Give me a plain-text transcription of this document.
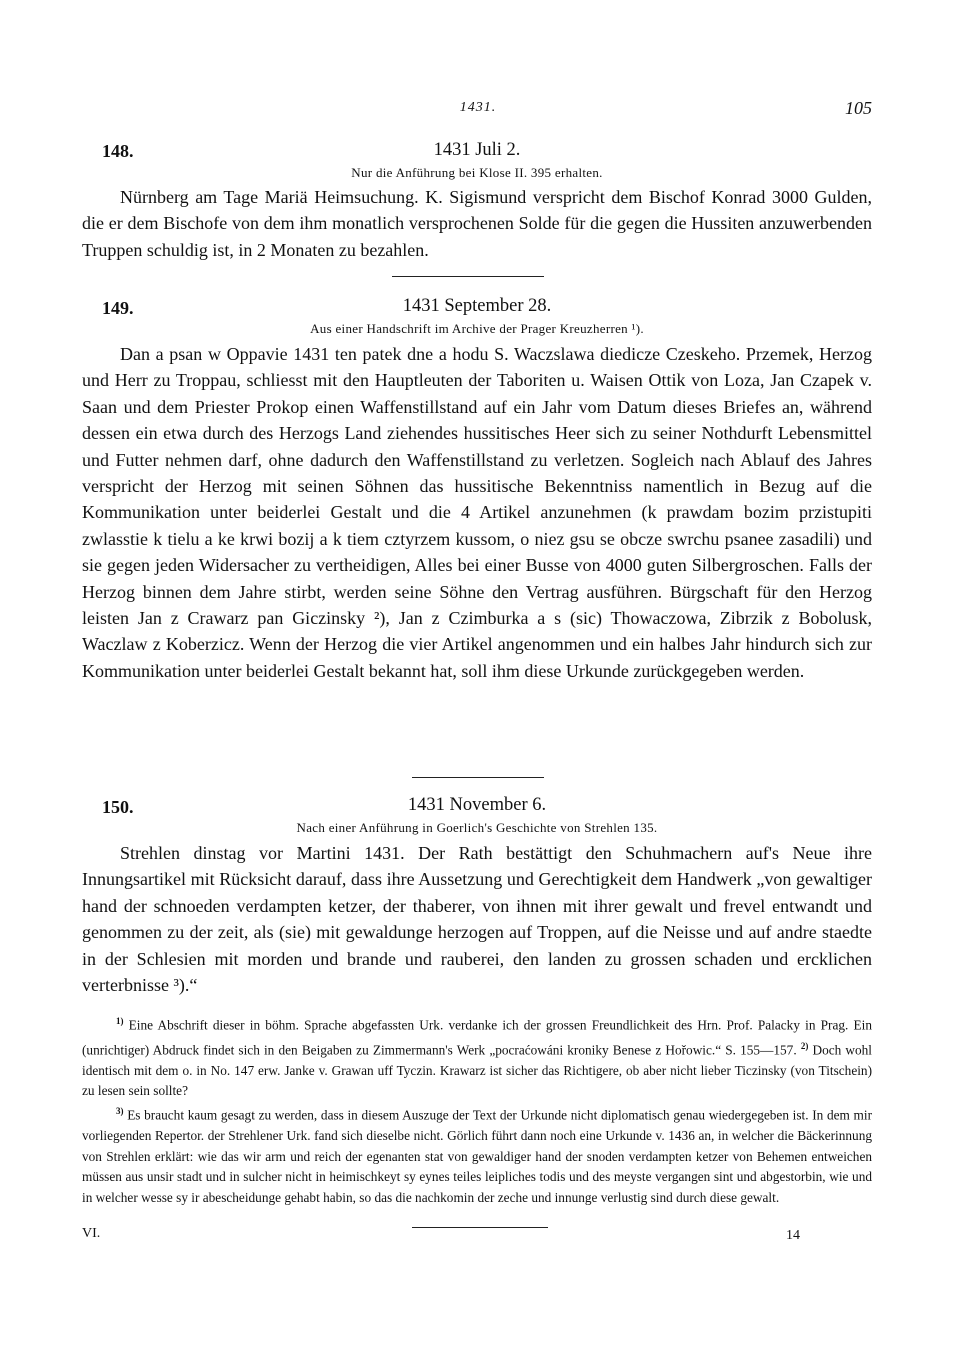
1431.	105
148.	1431 Juli 2.
Nur die Anführung bei Klose II. 395 erhalten.

Nürnberg am Tage Mariä Heimsuchung. K. Sigismund verspricht dem Bischof Konrad 3000 Gulden, die er dem Bischofe von dem ihm monatlich versprochenen Solde für die gegen die Hussiten anzuwerbenden Truppen schuldig ist, in 2 Monaten zu bezahlen.

149.	1431 September 28.
Aus einer Handschrift im Archive der Prager Kreuzherren ¹).

Dan a psan w Oppavie 1431 ten patek dne a hodu S. Waczslawa diedicze Czeskeho. Przemek, Herzog und Herr zu Troppau, schliesst mit den Hauptleuten der Taboriten u. Waisen Ottik von Loza, Jan Czapek v. Saan und dem Priester Prokop einen Waffenstillstand auf ein Jahr vom Datum dieses Briefes an, während dessen ein etwa durch des Herzogs Land ziehendes hussitisches Heer sich zu seiner Nothdurft Lebensmittel und Futter nehmen darf, ohne dadurch den Waffenstillstand zu verletzen. Sogleich nach Ablauf des Jahres verspricht der Herzog mit seinen Söhnen das hussitische Bekenntniss namentlich in Bezug auf die Kommunikation unter beiderlei Gestalt und die 4 Artikel anzunehmen (k prawdam bozim przistupiti zwlasstie k tielu a ke krwi bozij a k tiem cztyrzem kussom, o niez gsu se obcze swrchu psanee zasadili) und sie gegen jeden Widersacher zu vertheidigen, Alles bei einer Busse von 4000 guten Silbergroschen. Falls der Herzog binnen dem Jahre stirbt, werden seine Söhne den Vertrag ausführen. Bürgschaft für den Herzog leisten Jan z Crawarz pan Giczinsky ²), Jan z Czimburka a s (sic) Thowaczowa, Zibrzik z Bobolusk, Waczlaw z Koberzicz. Wenn der Herzog die vier Artikel angenommen und ein halbes Jahr hindurch sich zur Kommunikation unter beiderlei Gestalt bekannt hat, soll ihm diese Urkunde zurückgegeben werden.

150.	1431 November 6.
Nach einer Anführung in Goerlich's Geschichte von Strehlen 135.

Strehlen dinstag vor Martini 1431. Der Rath bestättigt den Schuhmachern auf's Neue ihre Innungsartikel mit Rücksicht darauf, dass ihre Aussetzung und Gerechtigkeit dem Handwerk „von gewaltiger hand der schnoeden verdampten ketzer, der thaberer, von ihnen mit ihrer gewalt und frevel entwandt und genommen zu der zeit, als (sie) mit gewaldunge herzogen auf Troppen, auf die Neisse und auf andre staedte in der Schlesien mit morden und brande und rauberei, den landen zu grossen schaden und ercklichen verterbnisse ³).“

$^{1)}$ Eine Abschrift dieser in böhm. Sprache abgefassten Urk. verdanke ich der grossen Freundlichkeit des Hrn. Prof. Palacky in Prag. Ein (unrichtiger) Abdruck findet sich in den Beigaben zu Zimmermann's Werk „pocraćowáni kroniky Benese z Hořowic.“ S. 155—157. $^{2)}$ Doch wohl identisch mit dem o. in No. 147 erw. Janke v. Grawan uff Tyczin. Krawarz ist sicher das Richtigere, ob aber nicht lieber Ticzinsky (von Titschein) zu lesen sein sollte?

$^{3)}$ Es braucht kaum gesagt zu werden, dass in diesem Auszuge der Text der Urkunde nicht diplomatisch genau wiedergegeben ist. In dem mir vorliegenden Repertor. der Strehlener Urk. fand sich dieselbe nicht. Görlich führt dann noch eine Urkunde v. 1436 an, in welcher die Bäckerinnung von Strehlen erklärt: wie das wir arm und reich der egenanten stat von gewaldiger hand der snoden verdampten ketzer von Behemen entweichen müssen aus unsir stadt und in sulcher nicht in heimischkeyt sy eynes teiles leipliches todis und des meyste vergangen sint und abgestorbin, wie und in welcher wesse sy ir abescheidunge gehabt habin, so das die nachkomin der zeche und innunge verlustig sind durch diese gewalt.

VI.	14
